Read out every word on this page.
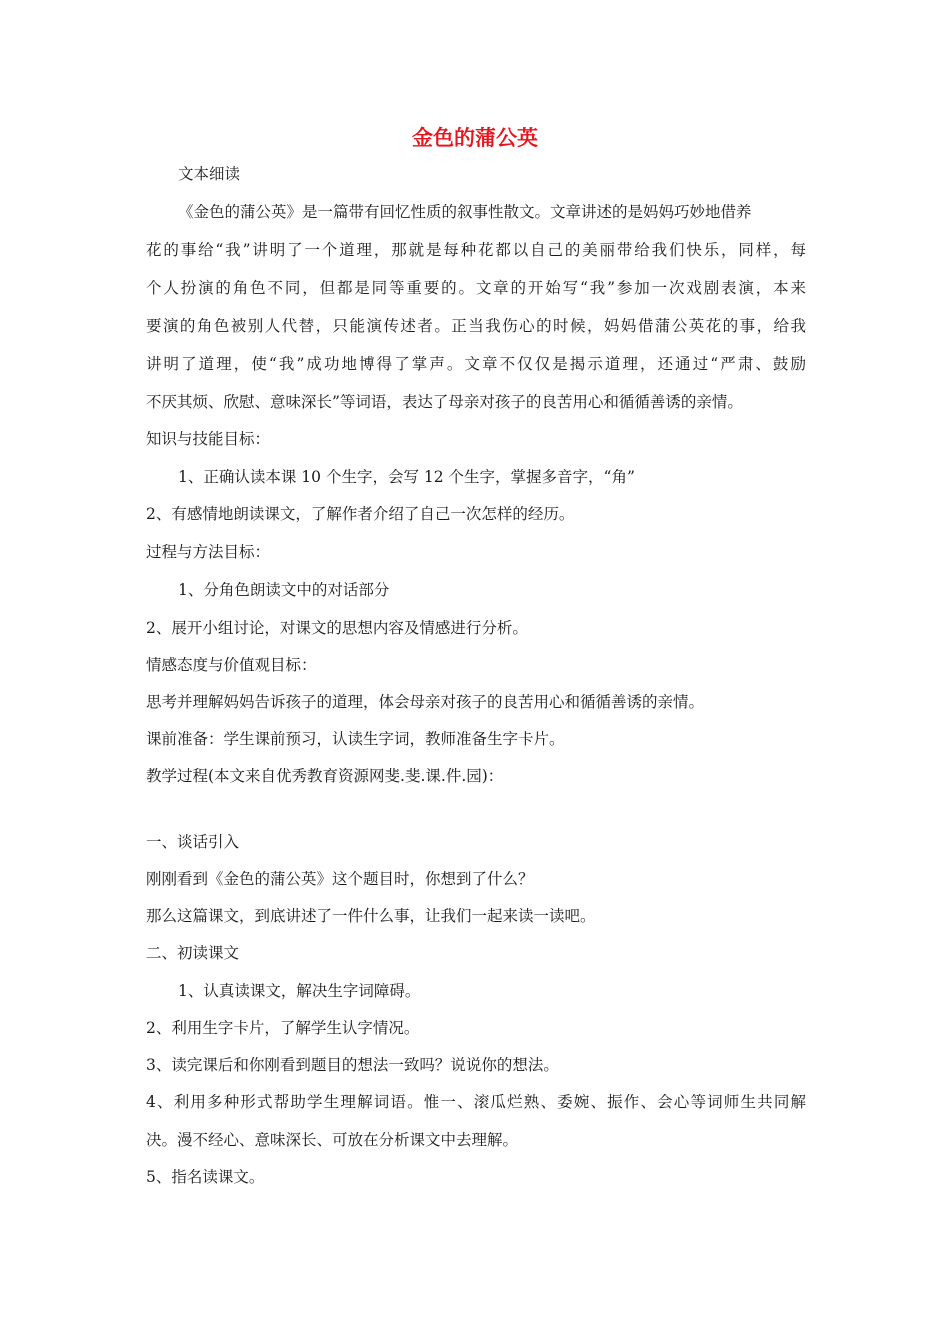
金色的蒲公英

文本细读

《金色的蒲公英》是一篇带有回忆性质的叙事性散文。文章讲述的是妈妈巧妙地借养

花的事给“我”讲明了一个道理，那就是每种花都以自己的美丽带给我们快乐，同样，每

个人扮演的角色不同，但都是同等重要的。文章的开始写“我”参加一次戏剧表演，本来

要演的角色被别人代替，只能演传述者。正当我伤心的时候，妈妈借蒲公英花的事，给我

讲明了道理，使“我”成功地博得了掌声。文章不仅仅是揭示道理，还通过“严肃、鼓励

不厌其烦、欣慰、意味深长”等词语，表达了母亲对孩子的良苦用心和循循善诱的亲情。

知识与技能目标：

1、正确认读本课 10 个生字，会写 12 个生字，掌握多音字，“角”

2、有感情地朗读课文，了解作者介绍了自己一次怎样的经历。

过程与方法目标：

1、分角色朗读文中的对话部分

2、展开小组讨论，对课文的思想内容及情感进行分析。

情感态度与价值观目标：

思考并理解妈妈告诉孩子的道理，体会母亲对孩子的良苦用心和循循善诱的亲情。

课前准备：学生课前预习，认读生字词，教师准备生字卡片。

教学过程(本文来自优秀教育资源网斐.斐.课.件.园)：

一、谈话引入

刚刚看到《金色的蒲公英》这个题目时，你想到了什么？

那么这篇课文，到底讲述了一件什么事，让我们一起来读一读吧。

二、初读课文

1、认真读课文，解决生字词障碍。

2、利用生字卡片，了解学生认字情况。

3、读完课后和你刚看到题目的想法一致吗？说说你的想法。

4、利用多种形式帮助学生理解词语。惟一、滚瓜烂熟、委婉、振作、会心等词师生共同解

决。漫不经心、意味深长、可放在分析课文中去理解。

5、指名读课文。
